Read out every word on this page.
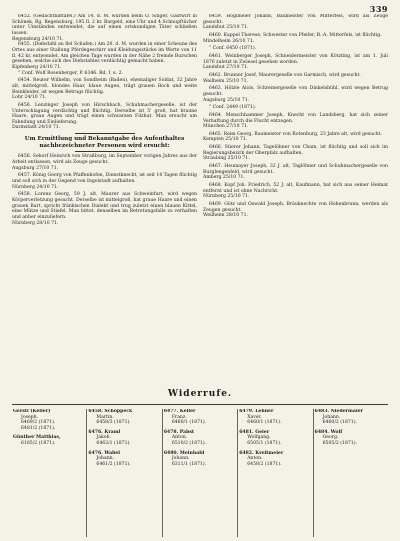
339

6452. (Gedächtnißtafel.) Am 14. d. M. wurden beim Ö. Singer, Gastwirt in Schönek, Bg. Regensburg, 195 fl. 2 kr. Bargeld, eine Uhr und 4 Schnupftücher unter Umständen entwendet, die auf einen ortskundigen Täter schließen lassen.

Regensburg 24/10 71.

6455. (Diebstahl an fiel Schafen.) Am 20. d. M. wurden in einer Scheune des Ortes aus einer Stallung Pferdegeschirr und Kleidungsstücke im Werte von 11 fl. 42 kr. entwendet. Am gleichen Tage wurden in der Nähe 2 fremde Burschen gesehen, welche sich des Diebstahles verdächtig gemacht haben.

Kipfenberg 24/10 71.

" Conf. Wolf Rosenberger, P. 6346. Bd. 1 u. 2.

6454. Reuter Wilhelm, von Sondheim (Baden), ehemaliger Soldat, 32 Jahre alt, mittelgroß, blondes Haar, blaue Augen, trägt grauen Rock und weite Beinkleider, ist wegen Betrugs flüchtig.

Lohr 24/10 71.

6456. Lenzinger Joseph von Hirschbach, Schuhmachergeselle, ist der Unterschlagung verdächtig und flüchtig. Derselbe ist 5' groß, hat braune Haare, graue Augen und trägt einen schwarzen Filzhut. Man ersucht um Fahndung und Einlieferung.

Darmstadt 24/10 71.

Um Ermittlung und Bekanntgabe des Aufenthaltes nachbezeichneter Personen wird ersucht:

6456. Sehorf Heinrich von Straßburg, im September vorigen Jahres aus der Arbeit entlassen, wird als Zeuge gesucht.

Augsburg 27/10 71.

6457. König Georg von Pfaffenhofen, Dienstknecht, ist seit 14 Tagen flüchtig und soll sich in der Gegend von Ingolstadt aufhalten.

Nürnberg 24/10 71.

6458. Lorenz Georg, 59 J. alt, Maurer aus Schweinfurt, wird wegen Körperverletzung gesucht. Derselbe ist mittelgroß, hat graue Haare und einen grauen Bart, spricht fränkischen Dialekt und trug zuletzt einen blauen Kittel, eine Mütze und Stiefel. Man bittet, denselben im Betretungsfalle zu verhaften und anher einzuliefern.

Nürnberg 28/10 71.

6459. Högimeier Johann, Baumeister von Mitterfels, wird als Zeuge gesucht.

Landshut 25/10 71.

6460. Kappel Therese, Schwester von Pfeifer, B.-A. Mitterfels, ist flüchtig.

Mindelheim 26/10 71.

" Conf. 6450 (1871).

6461. Weinberger Joseph, Schneidermeister von Kötzting, ist am 1. Juli 1870 zuletzt in Zwiesel gesehen worden.

Landshut 27/10 71.

6462. Brunner Josef, Maurergeselle von Garmisch, wird gesucht.

Weilheim 25/10 71.

6463. Hölzle Alois, Schreinergeselle von Dinkelsbühl, wird wegen Betrug gesucht.

Augsburg 25/10 71.

" Conf. 2449 (1871).

6464. Menschhammer Joseph, Knecht von Landsberg, hat sich seiner Verhaftung durch die Flucht entzogen.

München 27/10 71.

6465. Reim Georg, Baumeister von Rotenburg, 23 Jahre alt, wird gesucht.

Kempten 25/10 71.

6466. Stierer Johann, Tagelöhner von Cham, ist flüchtig und soll sich im Regierungsbezirk der Oberpfalz aufhalten.

Straubing 25/10 71.

6467. Heumayer Joseph, 32 J. alt, Taglöhner und Schuhmachergeselle von Burglengenfeld, wird gesucht.

Amberg 25/10 71.

6468. Kopf Joh. Friedrich, 52 J. alt, Kaufmann, hat sich aus seiner Heimat entfernt und ist ohne Nachricht.

Nürnberg 25/10 71.

6469. Götz und Oswald Joseph, Bräuknechte von Hohenbrunn, werden als Zeugen gesucht.

Weilheim 28/10 71.

Widerrufe.
Gerstl (Keller)
Joseph.
6469/2 (1871).
6481/2 (1871).
Günther Matthias,
6185/2 (1871).
6458. Schöppeck
Martin.
6458/3 (1871).
6476. Kraml
Jakob.
6463/1 (1871).
6476. Wabel
Johann.
6461/2 (1871).
6477. Keller
Franz.
6460/1 (1871).
6478. Pabst
Anton.
6510/2 (1871).
6480. Meinhold
Johann.
6311/1 (1871).
6479. Lehner
Xaver.
6460/1 (1871).
6481. Geier
Wolfgang.
6505/1 (1871).
6482. Kreitmeier
Anton.
6458/2 (1871).
6483. Niedermaier
Johann.
6460/2 (1871).
6484. Wolf
Georg.
6505/2 (1871).
